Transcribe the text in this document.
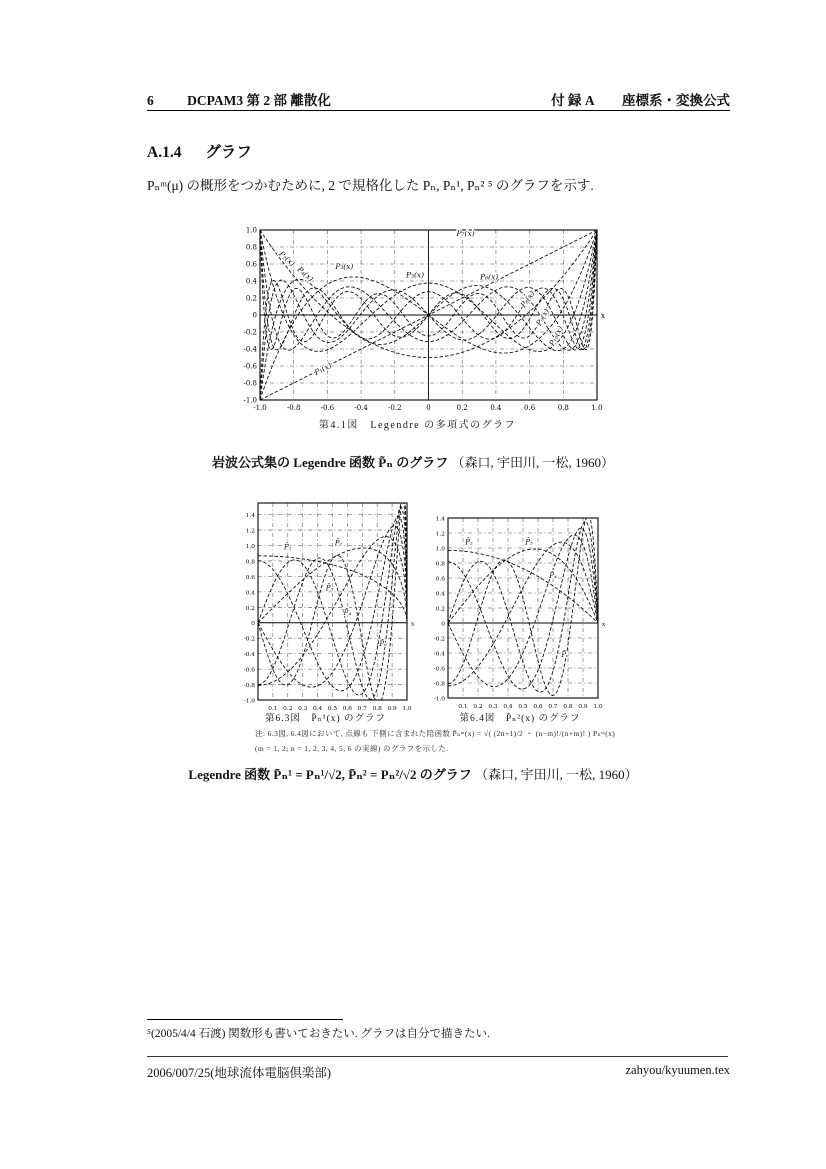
6 DCPAM3 第 2 部 離散化	付 録 A 座標系・変換公式
A.1.4 グラフ

Pₙᵐ(μ) の概形をつかむために, 2 で規格化した Pₙ, Pₙ¹, Pₙ² ⁵ のグラフを示す.

-1.0	-0.8	-0.6	-0.4	-0.2	0	0.2	0.4	0.6	0.8	1.0
1.0
0.8
0.6
0.4
0.2
0
-0.2
-0.4
-0.6
-0.8
-1.0
x
P₁(x)
P₂(x)	P₃(x)
P₄(x)	P₅(x)	P₆(x)
P₇(x)
P₈(x)
P₉(x)
P₁₀(x)
第4.1図　Legendre の多項式のグラフ
岩波公式集の Legendre 函数 P̃ₙ のグラフ （森口, 宇田川, 一松, 1960）
0.1 0.2 0.3 0.4 0.5 0.6 0.7 0.8 0.9 1.0
1.4
1.2
1.0
0.8
0.6
0.4
0.2
0
-0.2
-0.4
-0.6
-0.8
-1.0
x
P̄₁	P̄₂
P̄₃
P̄₄
P̄₆
0.1 0.2 0.3 0.4 0.5 0.6 0.7 0.8 0.9 1.0
1.4
1.2
1.0
0.8
0.6
0.4
0.2
0
-0.2
-0.4
-0.6
-0.8
-1.0
x
P̄₂	P̄₃
P̄₄
P̄₆
第6.3図　P̄ₙ¹(x) のグラフ	第6.4図　P̄ₙ²(x) のグラフ
注: 6.3図, 6.4図において, 点線も 下側に含まれた陪函数 P̄ₙᵐ(x) = √( (2n+1)/2 ・ (n−m)!/(n+m)! ) Pₙᵐ(x)
(m = 1, 2; n = 1, 2, 3, 4, 5, 6 の実線) のグラフを示した.
Legendre 函数 P̄ₙ¹ = Pₙ¹/√2, P̄ₙ² = Pₙ²/√2 のグラフ （森口, 宇田川, 一松, 1960）
⁵(2005/4/4 石渡) 関数形も書いておきたい. グラフは自分で描きたい.
2006/007/25(地球流体電脳倶楽部)	zahyou/kyuumen.tex
